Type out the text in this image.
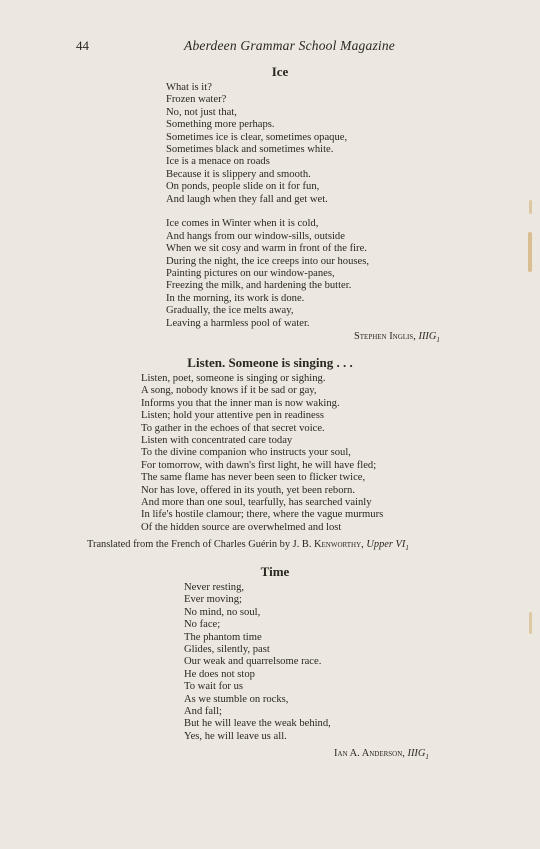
44	Aberdeen Grammar School Magazine
Ice
What is it?
Frozen water?
No, not just that,
Something more perhaps.
Sometimes ice is clear, sometimes opaque,
Sometimes black and sometimes white.
Ice is a menace on roads
Because it is slippery and smooth.
On ponds, people slide on it for fun,
And laugh when they fall and get wet.
Ice comes in Winter when it is cold,
And hangs from our window-sills, outside
When we sit cosy and warm in front of the fire.
During the night, the ice creeps into our houses,
Painting pictures on our window-panes,
Freezing the milk, and hardening the butter.
In the morning, its work is done.
Gradually, the ice melts away,
Leaving a harmless pool of water.
Stephen Inglis, $IIIG_1$
Listen. Someone is singing . . .
Listen, poet, someone is singing or sighing.
A song, nobody knows if it be sad or gay,
Informs you that the inner man is now waking.
Listen; hold your attentive pen in readiness
To gather in the echoes of that secret voice.
Listen with concentrated care today
To the divine companion who instructs your soul,
For tomorrow, with dawn's first light, he will have fled;
The same flame has never been seen to flicker twice,
Nor has love, offered in its youth, yet been reborn.
And more than one soul, tearfully, has searched vainly
In life's hostile clamour; there, where the vague murmurs
Of the hidden source are overwhelmed and lost
Translated from the French of Charles Guérin by J. B. Kenworthy, Upper $VI_1$
Time
Never resting,
Ever moving;
No mind, no soul,
No face;
The phantom time
Glides, silently, past
Our weak and quarrelsome race.
He does not stop
To wait for us
As we stumble on rocks,
And fall;
But he will leave the weak behind,
Yes, he will leave us all.
Ian A. Anderson, $IIIG_1$
